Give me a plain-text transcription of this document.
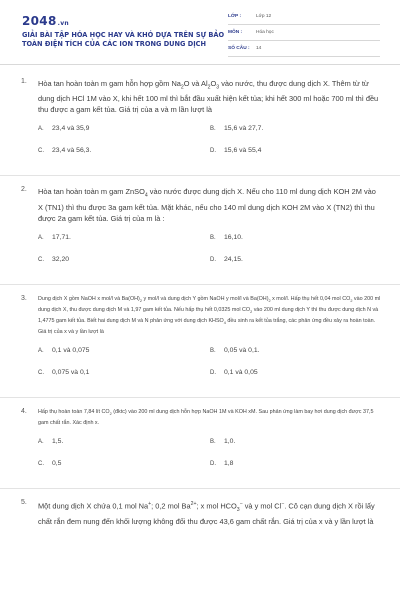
2048.vn
GIẢI BÀI TẬP HÓA HỌC HAY VÀ KHÓ DỰA TRÊN SỰ BẢO TOÀN ĐIỆN TÍCH CỦA CÁC ION TRONG DUNG DỊCH
LỚP :	Lớp 12
MÔN :	Hóa học
SỐ CÂU : 14
1. Hòa tan hoàn toàn m gam hỗn hợp gồm $Na_2O$ và $Al_2O_3$ vào nước, thu được dung dịch X. Thêm từ từ dung dịch HCl 1M vào X, khi hết 100 ml thì bắt đầu xuất hiện kết tủa; khi hết 300 ml hoặc 700 ml thì đều thu được a gam kết tủa. Giá trị của a và m lần lượt là
A. 23,4 và 35,9	B. 15,6 và 27,7.
C. 23,4 và 56,3.	D. 15,6 và 55,4
2. Hòa tan hoàn toàn m gam ZnSO$_4$ vào nước được dung dịch X. Nếu cho 110 ml dung dịch KOH 2M vào X (TN1) thì thu được 3a gam kết tủa. Mặt khác, nếu cho 140 ml dung dịch KOH 2M vào X (TN2) thì thu được 2a gam kết tủa. Giá trị của m là :
A. 17,71.	B. 16,10.
C. 32,20	D. 24,15.
3. Dung dịch X gồm NaOH x mol/l và $Ba(OH)_2$ y mol/l và dung dịch Y gồm NaOH y mol/l và $Ba(OH)_2$ x mol/l. Hấp thụ hết 0,04 mol $CO_2$ vào 200 ml dung dịch X, thu được dung dịch M và 1,97 gam kết tủa. Nếu hấp thụ hết 0,0325 mol $CO_2$ vào 200 ml dung dịch Y thì thu được dung dịch N và 1,4775 gam kết tủa. Biết hai dung dịch M và N phản ứng với dung dịch $KHSO_4$ đều sinh ra kết tủa trắng, các phản ứng đều xảy ra hoàn toàn. Giá trị của x và y lần lượt là
A. 0,1 và 0,075	B. 0,05 và 0,1.
C. 0,075 và 0,1	D. 0,1 và 0,05
4. Hấp thụ hoàn toàn 7,84 lít $CO_2$ (đktc) vào 200 ml dung dịch hỗn hợp NaOH 1M và KOH xM. Sau phản ứng làm bay hơi dung dịch được 37,5 gam chất rắn. Xác định x.
A. 1,5.	B. 1,0.
C. 0,5	D. 1,8
5. Một dung dịch X chứa 0,1 mol Na+; 0,2 mol $Ba^{2+}$; x mol $HCO_3^-$ và y mol Cl−. Cô cạn dung dịch X rồi lấy chất rắn đem nung đến khối lượng không đổi thu được 43,6 gam chất rắn. Giá trị của x và y lần lượt là
